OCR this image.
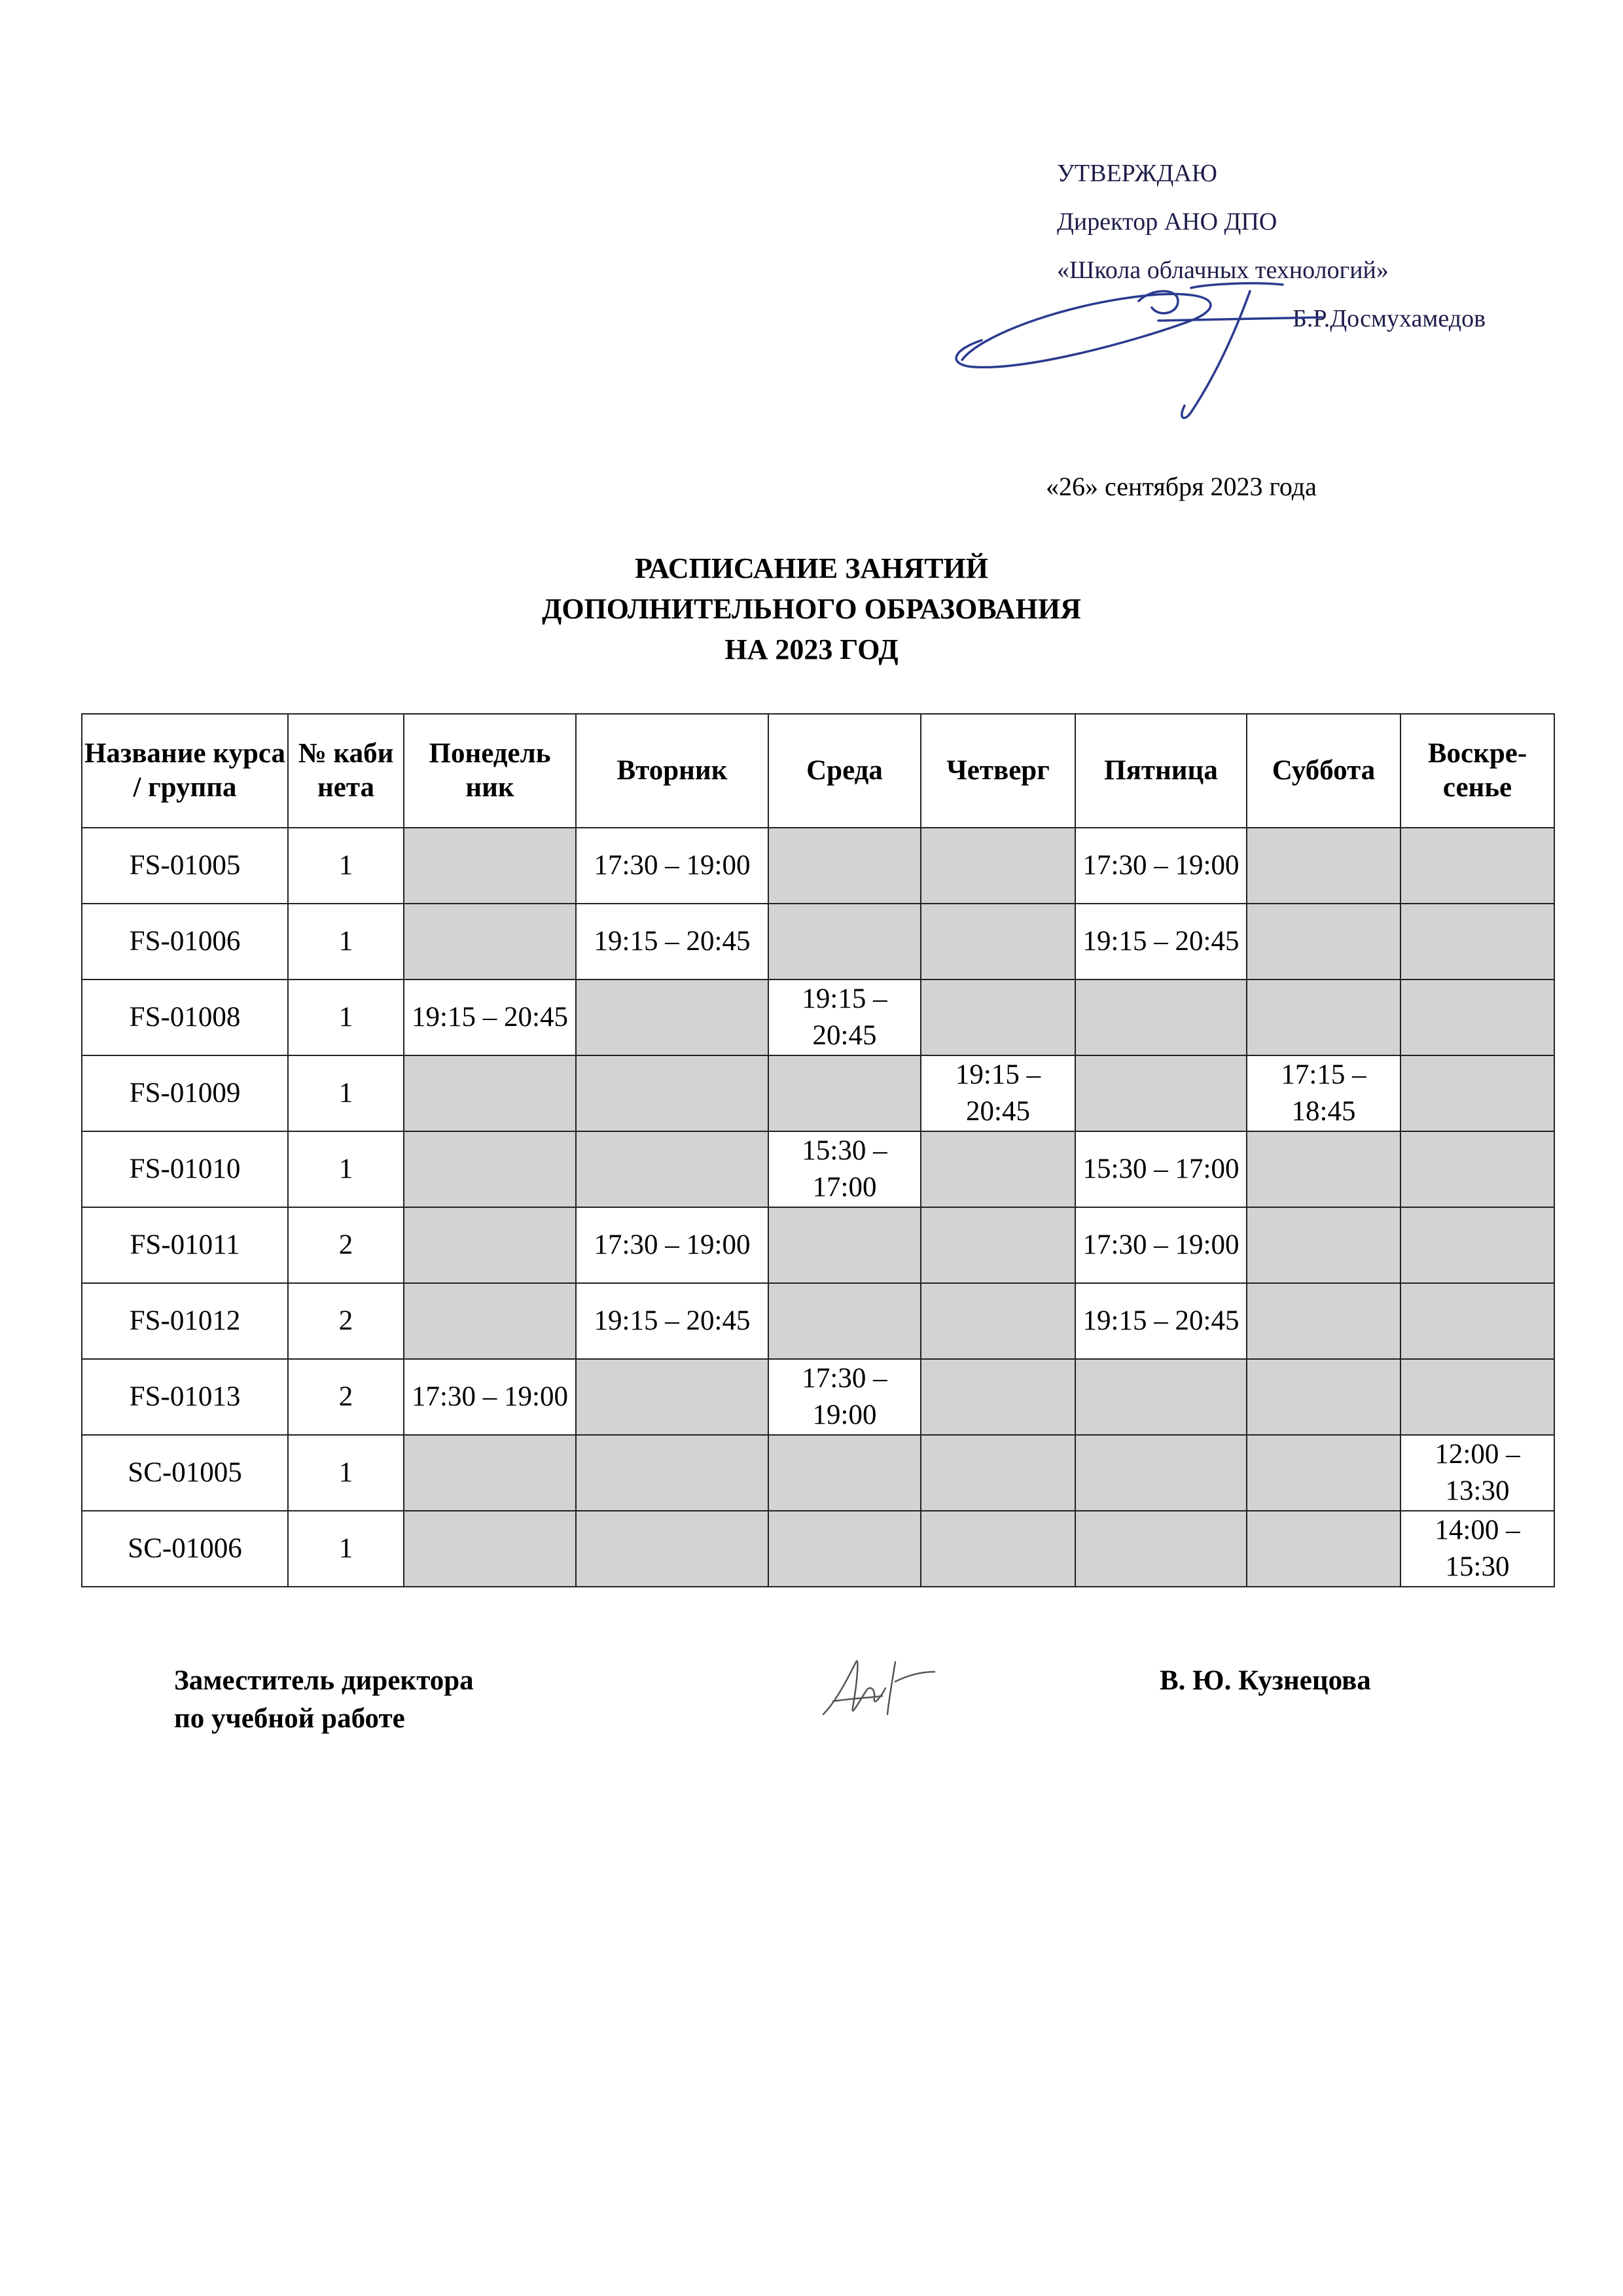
УТВЕРЖДАЮ
Директор АНО ДПО
«Школа облачных технологий»
Б.Р.Досмухамедов
«26» сентября 2023 года
РАСПИСАНИЕ ЗАНЯТИЙ
ДОПОЛНИТЕЛЬНОГО ОБРАЗОВАНИЯ
НА 2023 ГОД
Название курса / группа	№ каби нета	Понедель ник	Вторник	Среда	Четверг	Пятница	Суббота	Воскре-сенье
FS-01005	1		17:30 – 19:00			17:30 – 19:00		
FS-01006	1		19:15 – 20:45			19:15 – 20:45		
FS-01008	1	19:15 – 20:45		19:15 – 20:45				
FS-01009	1				19:15 – 20:45		17:15 – 18:45	
FS-01010	1			15:30 – 17:00		15:30 – 17:00		
FS-01011	2		17:30 – 19:00			17:30 – 19:00		
FS-01012	2		19:15 – 20:45			19:15 – 20:45		
FS-01013	2	17:30 – 19:00		17:30 – 19:00				
SC-01005	1							12:00 – 13:30
SC-01006	1							14:00 – 15:30
Заместитель директора
по учебной работе
В. Ю. Кузнецова
